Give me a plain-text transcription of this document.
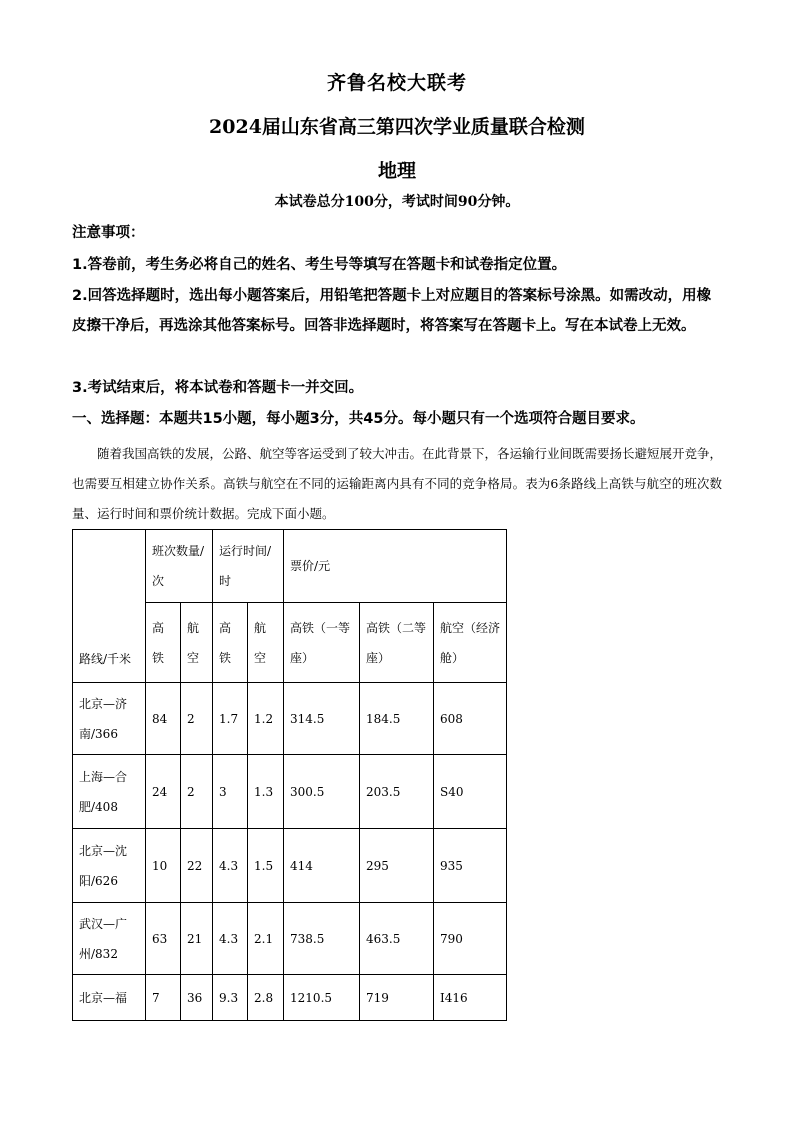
齐鲁名校大联考
2024届山东省高三第四次学业质量联合检测
地理
本试卷总分100分，考试时间90分钟。
注意事项：
1.答卷前，考生务必将自己的姓名、考生号等填写在答题卡和试卷指定位置。
2.回答选择题时，选出每小题答案后，用铅笔把答题卡上对应题目的答案标号涂黑。如需改动，用橡皮擦干净后，再选涂其他答案标号。回答非选择题时，将答案写在答题卡上。写在本试卷上无效。
3.考试结束后，将本试卷和答题卡一并交回。
一、选择题：本题共15小题，每小题3分，共45分。每小题只有一个选项符合题目要求。
随着我国高铁的发展，公路、航空等客运受到了较大冲击。在此背景下，各运输行业间既需要扬长避短展开竞争，也需要互相建立协作关系。高铁与航空在不同的运输距离内具有不同的竞争格局。表为6条路线上高铁与航空的班次数量、运行时间和票价统计数据。完成下面小题。
路线/千米	班次数量/次		运行时间/时		票价/元		
	高铁	航空	高铁	航空	高铁（一等座）	高铁（二等座）	航空（经济舱）
北京—济南/366	84	2	1.7	1.2	314.5	184.5	608
上海—合肥/408	24	2	3	1.3	300.5	203.5	S40
北京—沈阳/626	10	22	4.3	1.5	414	295	935
武汉—广州/832	63	21	4.3	2.1	738.5	463.5	790
北京—福	7	36	9.3	2.8	1210.5	719	I416
